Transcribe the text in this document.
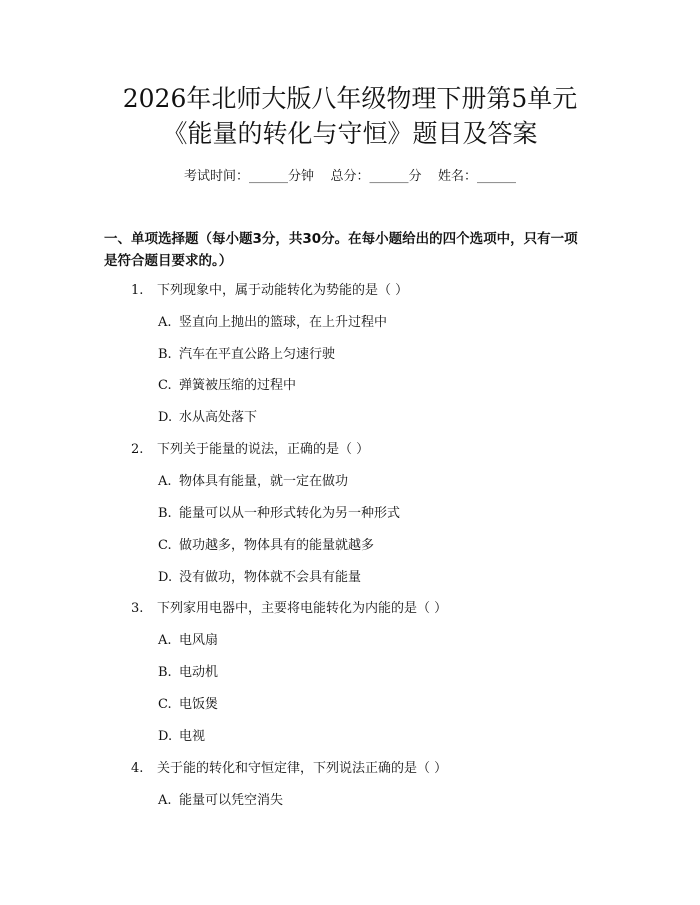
2026年北师大版八年级物理下册第5单元
《能量的转化与守恒》题目及答案
考试时间：______分钟    总分：______分    姓名：______

一、单项选择题（每小题3分，共30分。在每小题给出的四个选项中，只有一项

是符合题目要求的。）

1. 下列现象中，属于动能转化为势能的是（ ）
A. 竖直向上抛出的篮球，在上升过程中
B. 汽车在平直公路上匀速行驶
C. 弹簧被压缩的过程中
D. 水从高处落下
2. 下列关于能量的说法，正确的是（ ）
A. 物体具有能量，就一定在做功
B. 能量可以从一种形式转化为另一种形式
C. 做功越多，物体具有的能量就越多
D. 没有做功，物体就不会具有能量
3. 下列家用电器中，主要将电能转化为内能的是（ ）
A. 电风扇
B. 电动机
C. 电饭煲
D. 电视
4. 关于能的转化和守恒定律，下列说法正确的是（ ）
A. 能量可以凭空消失
